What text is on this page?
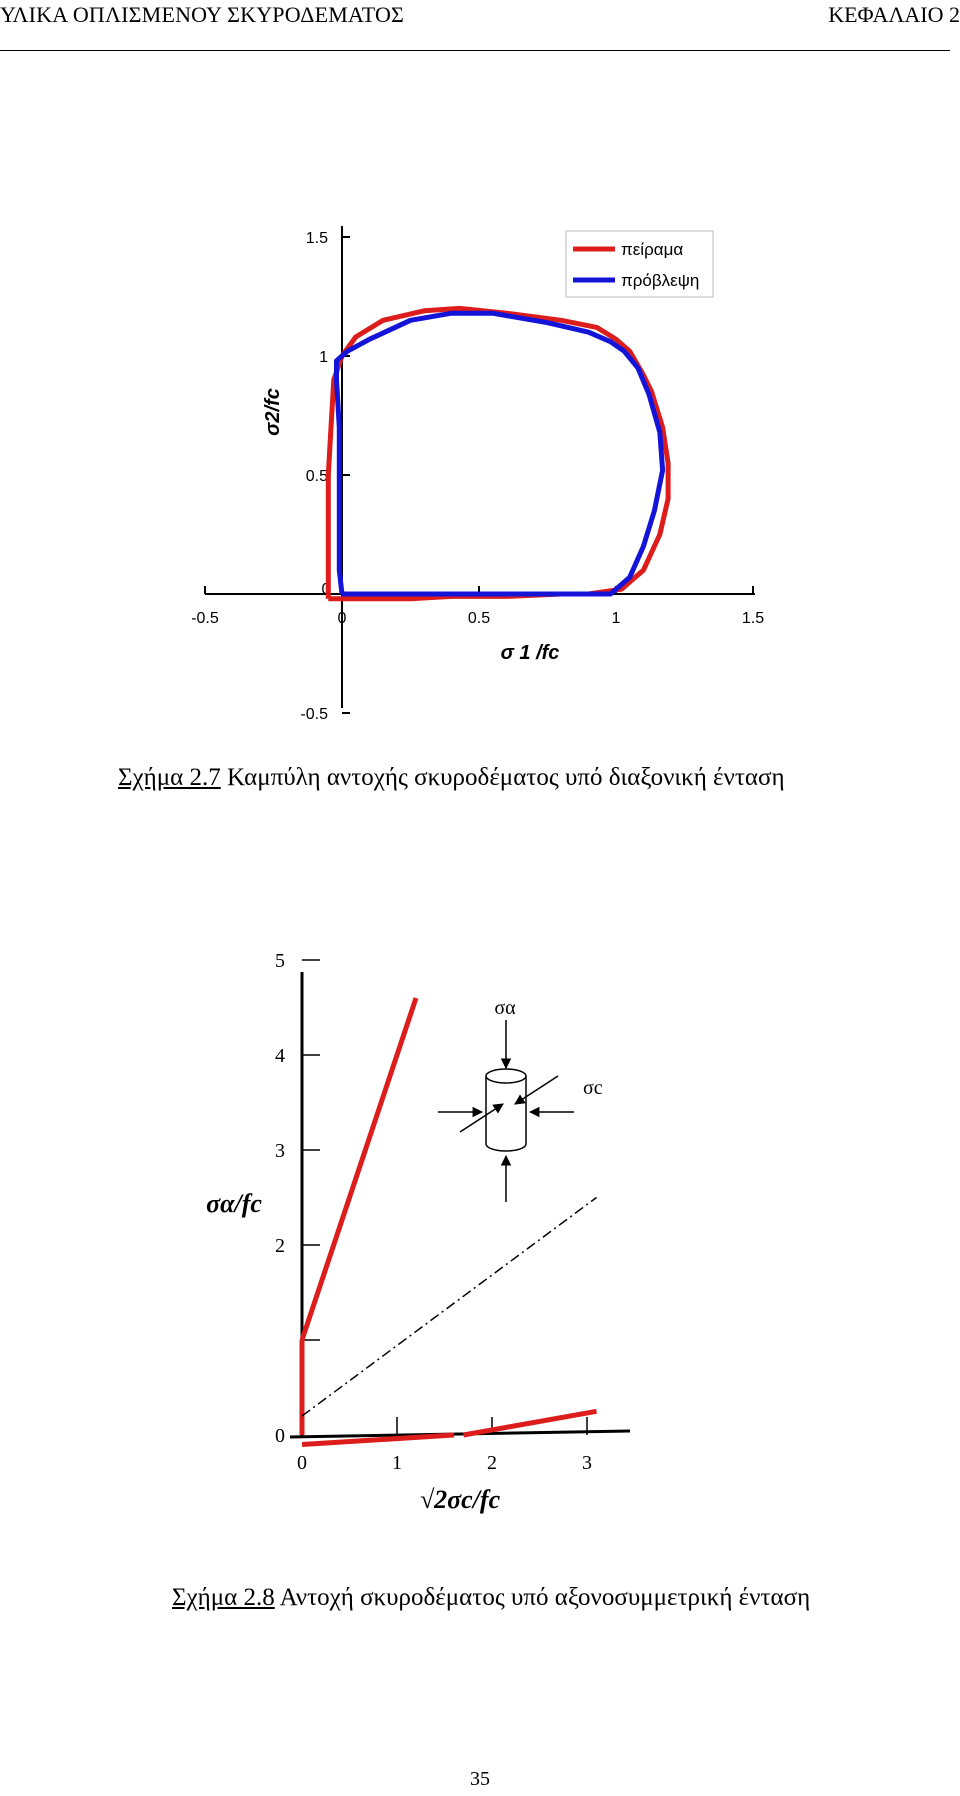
ΥΛΙΚΑ ΟΠΛΙΣΜΕΝΟΥ ΣΚΥΡΟΔΕΜΑΤΟΣ	ΚΕΦΑΛΑΙΟ 2
-0.5	0	0.5	1	1.5
-0.5
0.5
1
1.5
0
πείραμα
πρόβλεψη
σ 1 /fc
σ2/fc
Σχήμα 2.7 Καμπύλη αντοχής σκυροδέματος υπό διαξονική ένταση
0
2
3
4
5
0	1	2	3
σα
σc
√2σc/fc
σα/fc
Σχήμα 2.8 Αντοχή σκυροδέματος υπό αξονοσυμμετρική ένταση
35
